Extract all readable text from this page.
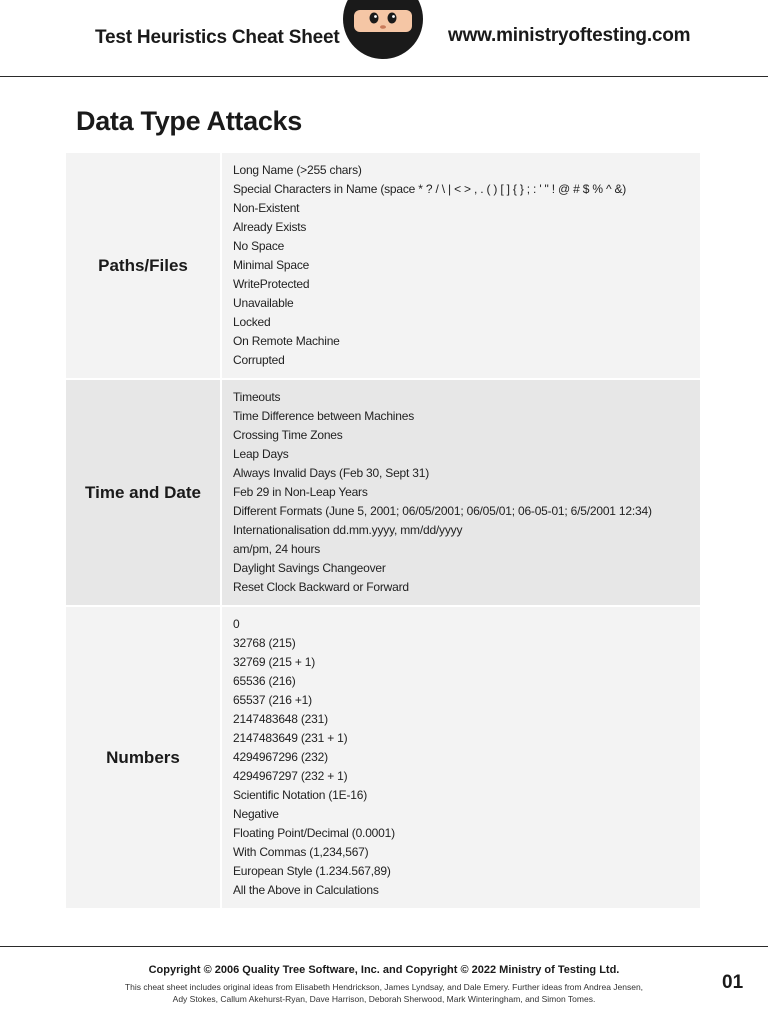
Test Heuristics Cheat Sheet	www.ministryoftesting.com
Data Type Attacks
Paths/Files
Long Name (>255 chars)
Special Characters in Name (space * ? / \ | < > , . ( ) [ ] { } ; : ' " ! @ # $ % ^ &)
Non-Existent
Already Exists
No Space
Minimal Space
WriteProtected
Unavailable
Locked
On Remote Machine
Corrupted
Time and Date
Timeouts
Time Difference between Machines
Crossing Time Zones
Leap Days
Always Invalid Days (Feb 30, Sept 31)
Feb 29 in Non-Leap Years
Different Formats (June 5, 2001; 06/05/2001; 06/05/01; 06-05-01; 6/5/2001 12:34)
Internationalisation dd.mm.yyyy, mm/dd/yyyy
am/pm, 24 hours
Daylight Savings Changeover
Reset Clock Backward or Forward
Numbers
0
32768 (215)
32769 (215 + 1)
65536 (216)
65537 (216 +1)
2147483648 (231)
2147483649 (231 + 1)
4294967296 (232)
4294967297 (232 + 1)
Scientific Notation (1E-16)
Negative
Floating Point/Decimal (0.0001)
With Commas (1,234,567)
European Style (1.234.567,89)
All the Above in Calculations
Copyright © 2006 Quality Tree Software, Inc. and Copyright © 2022 Ministry of Testing Ltd.
This cheat sheet includes original ideas from Elisabeth Hendrickson, James Lyndsay, and Dale Emery. Further ideas from Andrea Jensen,
Ady Stokes, Callum Akehurst-Ryan, Dave Harrison, Deborah Sherwood, Mark Winteringham, and Simon Tomes.
01
